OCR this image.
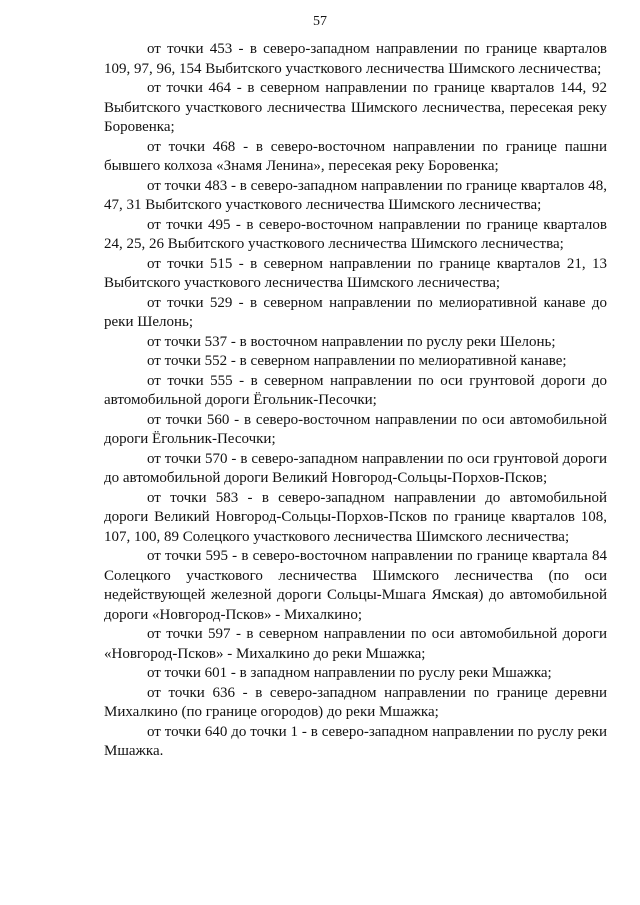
57

от точки 453 - в северо-западном направлении по границе кварталов 109, 97, 96, 154 Выбитского участкового лесничества Шимского лесничества;

от точки 464 - в северном направлении по границе кварталов 144, 92 Выбитского участкового лесничества Шимского лесничества, пересекая реку Боровенка;

от точки 468 - в северо-восточном направлении по границе пашни бывшего колхоза «Знамя Ленина», пересекая реку Боровенка;

от точки 483 - в северо-западном направлении по границе кварталов 48, 47, 31 Выбитского участкового лесничества Шимского лесничества;

от точки 495 - в северо-восточном направлении по границе кварталов 24, 25, 26 Выбитского участкового лесничества Шимского лесничества;

от точки 515 - в северном направлении по границе кварталов 21, 13 Выбитского участкового лесничества Шимского лесничества;

от точки 529 - в северном направлении по мелиоративной канаве до реки Шелонь;

от точки 537 - в восточном направлении по руслу реки Шелонь;

от точки 552 - в северном направлении по мелиоративной канаве;

от точки 555 - в северном направлении по оси грунтовой дороги до автомобильной дороги Ёгольник-Песочки;

от точки 560 - в северо-восточном направлении по оси автомобильной дороги Ёгольник-Песочки;

от точки 570 - в северо-западном направлении по оси грунтовой дороги до автомобильной дороги Великий Новгород-Сольцы-Порхов-Псков;

от точки 583 - в северо-западном направлении до автомобильной дороги Великий Новгород-Сольцы-Порхов-Псков по границе кварталов 108, 107, 100, 89 Солецкого участкового лесничества Шимского лесничества;

от точки 595 - в северо-восточном направлении по границе квартала 84 Солецкого участкового лесничества Шимского лесничества (по оси недействующей железной дороги Сольцы-Мшага Ямская) до автомобильной дороги «Новгород-Псков» - Михалкино;

от точки 597 - в северном направлении по оси автомобильной дороги «Новгород-Псков» - Михалкино до реки Мшажка;

от точки 601 - в западном направлении по руслу реки Мшажка;

от точки 636 - в северо-западном направлении по границе деревни Михалкино (по границе огородов) до реки Мшажка;

от точки 640 до точки 1 - в северо-западном направлении по руслу реки Мшажка.
